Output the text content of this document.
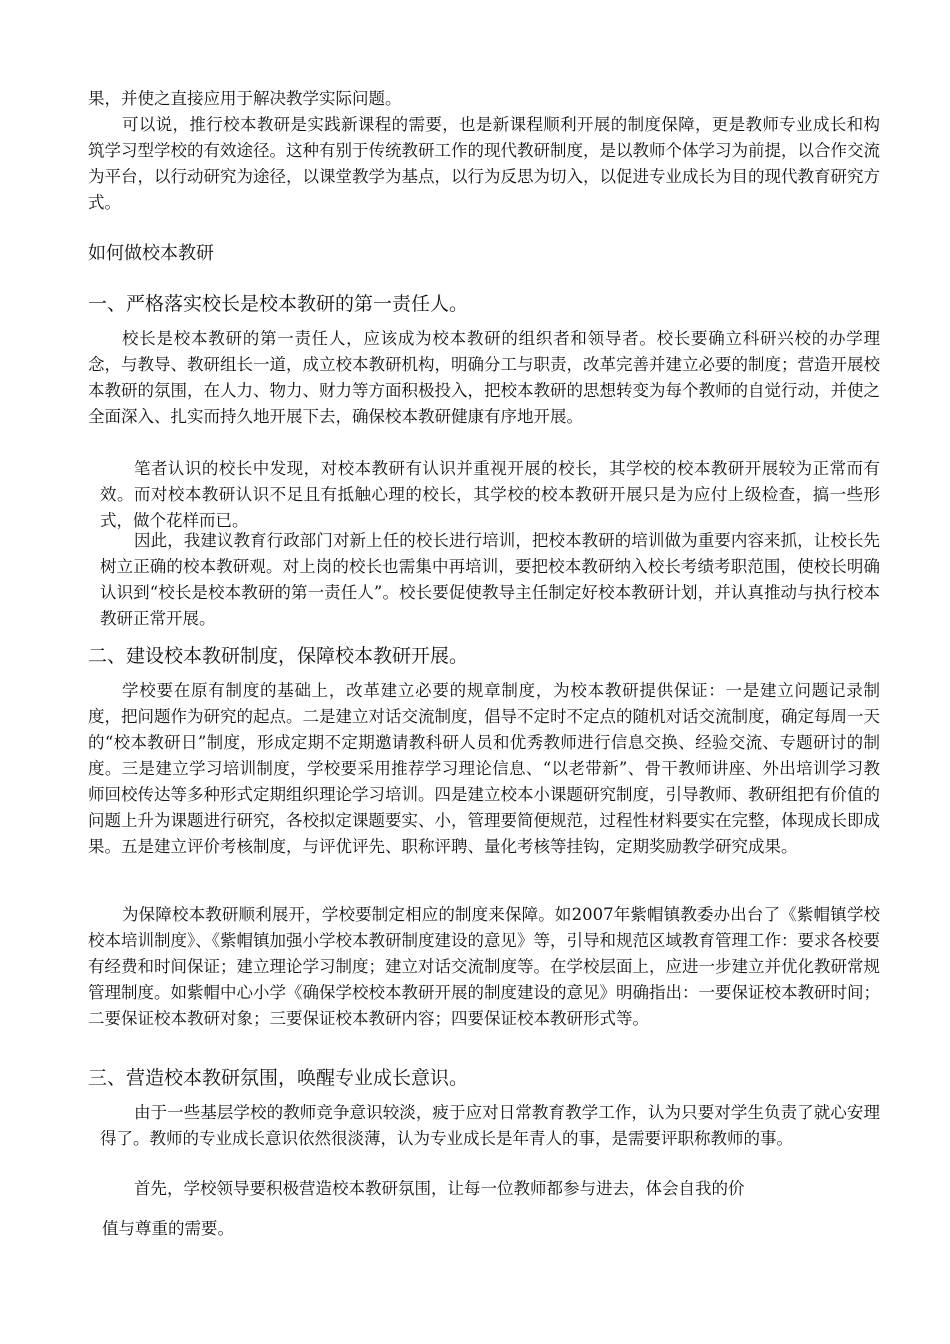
果，并使之直接应用于解决教学实际问题。

可以说，推行校本教研是实践新课程的需要，也是新课程顺利开展的制度保障，更是教师专业成长和构筑学习型学校的有效途径。这种有别于传统教研工作的现代教研制度，是以教师个体学习为前提，以合作交流为平台，以行动研究为途径，以课堂教学为基点，以行为反思为切入，以促进专业成长为目的现代教育研究方式。

如何做校本教研
一、严格落实校长是校本教研的第一责任人。

校长是校本教研的第一责任人，应该成为校本教研的组织者和领导者。校长要确立科研兴校的办学理念，与教导、教研组长一道，成立校本教研机构，明确分工与职责，改革完善并建立必要的制度；营造开展校本教研的氛围，在人力、物力、财力等方面积极投入，把校本教研的思想转变为每个教师的自觉行动，并使之全面深入、扎实而持久地开展下去，确保校本教研健康有序地开展。

笔者认识的校长中发现，对校本教研有认识并重视开展的校长，其学校的校本教研开展较为正常而有效。而对校本教研认识不足且有抵触心理的校长，其学校的校本教研开展只是为应付上级检查，搞一些形式，做个花样而已。

因此，我建议教育行政部门对新上任的校长进行培训，把校本教研的培训做为重要内容来抓，让校长先树立正确的校本教研观。对上岗的校长也需集中再培训，要把校本教研纳入校长考绩考职范围，使校长明确认识到“校长是校本教研的第一责任人”。校长要促使教导主任制定好校本教研计划，并认真推动与执行校本教研正常开展。

二、建设校本教研制度，保障校本教研开展。

学校要在原有制度的基础上，改革建立必要的规章制度，为校本教研提供保证：一是建立问题记录制度，把问题作为研究的起点。二是建立对话交流制度，倡导不定时不定点的随机对话交流制度，确定每周一天的“校本教研日”制度，形成定期不定期邀请教科研人员和优秀教师进行信息交换、经验交流、专题研讨的制度。三是建立学习培训制度，学校要采用推荐学习理论信息、“以老带新”、骨干教师讲座、外出培训学习教师回校传达等多种形式定期组织理论学习培训。四是建立校本小课题研究制度，引导教师、教研组把有价值的问题上升为课题进行研究，各校拟定课题要实、小，管理要简便规范，过程性材料要实在完整，体现成长即成果。五是建立评价考核制度，与评优评先、职称评聘、量化考核等挂钩，定期奖励教学研究成果。

为保障校本教研顺利展开，学校要制定相应的制度来保障。如2007年紫帽镇教委办出台了《紫帽镇学校校本培训制度》、《紫帽镇加强小学校本教研制度建设的意见》等，引导和规范区域教育管理工作：要求各校要有经费和时间保证；建立理论学习制度；建立对话交流制度等。在学校层面上，应进一步建立并优化教研常规管理制度。如紫帽中心小学《确保学校校本教研开展的制度建设的意见》明确指出：一要保证校本教研时间；二要保证校本教研对象；三要保证校本教研内容；四要保证校本教研形式等。

三、营造校本教研氛围，唤醒专业成长意识。

由于一些基层学校的教师竞争意识较淡，疲于应对日常教育教学工作，认为只要对学生负责了就心安理得了。教师的专业成长意识依然很淡薄，认为专业成长是年青人的事，是需要评职称教师的事。

首先，学校领导要积极营造校本教研氛围，让每一位教师都参与进去，体会自我的价

值与尊重的需要。
